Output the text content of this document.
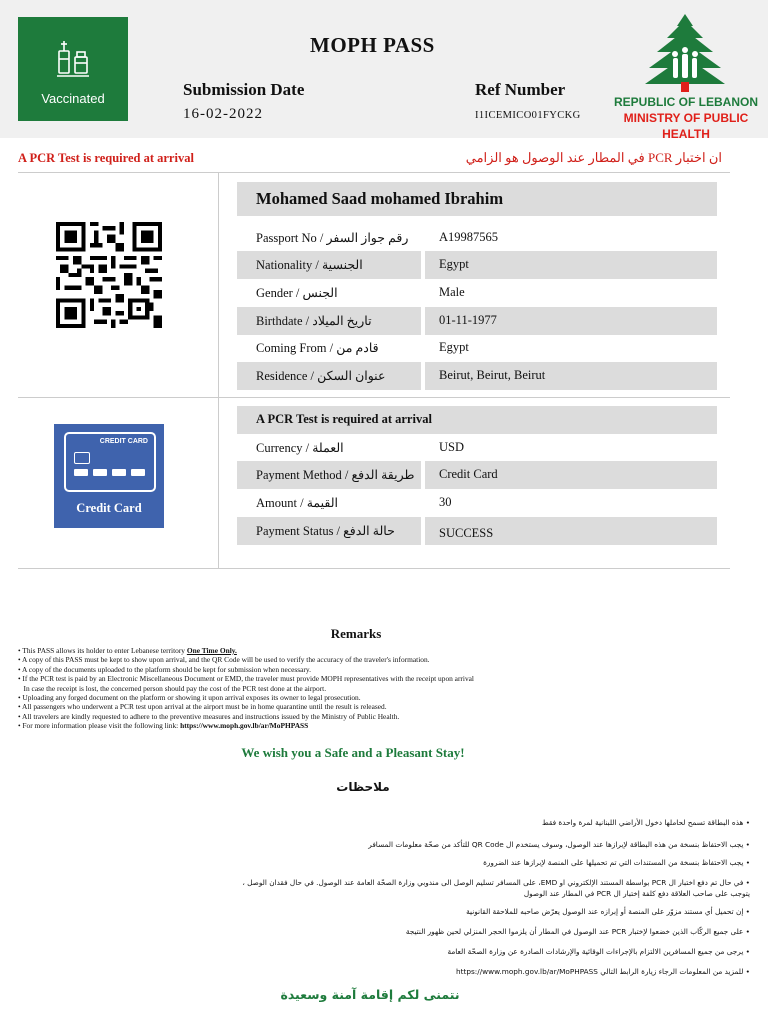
Vaccinated
MOPH PASS
Submission Date
16-02-2022
Ref Number
I1ICEMICO01FYCKG
REPUBLIC OF LEBANON
MINISTRY OF PUBLIC HEALTH
A PCR Test is required at arrival	ان اختبار PCR في المطار عند الوصول هو الزامي
Mohamed Saad mohamed Ibrahim
Passport No / رقم جواز السفر A19987565
Nationality / الجنسية	Egypt
Gender / الجنس	Male
Birthdate / تاريخ الميلاد	01-11-1977
Coming From / قادم من	Egypt
Residence / عنوان السكن	Beirut, Beirut, Beirut
CREDIT CARD
Credit Card
A PCR Test is required at arrival
Currency / العملة	USD
Payment Method / طريقة الدفع Credit Card
Amount / القيمة	30
Payment Status / حالة الدفع	SUCCESS
Remarks
• This PASS allows its holder to enter Lebanese territory One Time Only.
• A copy of this PASS must be kept to show upon arrival, and the QR Code will be used to verify the accuracy of the traveler's information.
• A copy of the documents uploaded to the platform should be kept for submission when necessary.
• If the PCR test is paid by an Electronic Miscellaneous Document or EMD, the traveler must provide MOPH representatives with the receipt upon arrival
In case the receipt is lost, the concerned person should pay the cost of the PCR test done at the airport.
• Uploading any forged document on the platform or showing it upon arrival exposes its owner to legal prosecution.
• All passengers who underwent a PCR test upon arrival at the airport must be in home quarantine until the result is released.
• All travelers are kindly requested to adhere to the preventive measures and instructions issued by the Ministry of Public Health.
• For more information please visit the following link: https://www.moph.gov.lb/ar/MoPHPASS
We wish you a Safe and a Pleasant Stay!
ملاحظات
• هذه البطاقة تسمح لحاملها دخول الأراضي اللبنانية لمرة واحدة فقط
• يجب الاحتفاظ بنسخة من هذه البطاقة لإبرازها عند الوصول، وسوف يستخدم ال QR Code للتأكد من صحّة معلومات المسافر
• يجب الاحتفاظ بنسخة من المستندات التي تم تحميلها على المنصة لإبرازها عند الضرورة
• في حال تم دفع اختبار ال PCR بواسطة المستند الإلكتروني او EMD، على المسافر تسليم الوصل الى مندوبي وزارة الصحّة العامة عند الوصول. في حال فقدان الوصل ،
يتوجب على صاحب العلاقة دفع كلفة إختبار ال PCR في المطار عند الوصول
• إن تحميل أي مستند مزوّر على المنصة أو إبرازه عند الوصول يعرّض صاحبه للملاحقة القانونية
• على جميع الركّاب الذين خضعوا لإختبار PCR عند الوصول في المطار أن يلزموا الحجر المنزلي لحين ظهور النتيجة
• يرجى من جميع المسافرين الالتزام بالإجراءات الوقائية والإرشادات الصادرة عن وزارة الصحّة العامة
• للمزيد من المعلومات الرجاء زيارة الرابط التالي https://www.moph.gov.lb/ar/MoPHPASS
نتمنى لكم إقامة آمنة وسعيدة
